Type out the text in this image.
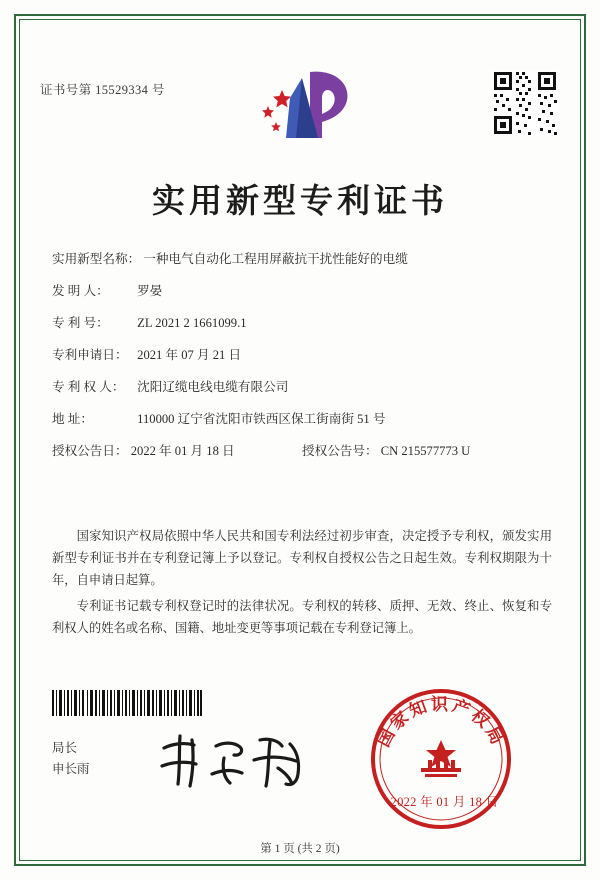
证书号第 15529334 号
实用新型专利证书
实用新型名称： 一种电气自动化工程用屏蔽抗干扰性能好的电缆
发 明 人： 罗晏
专 利 号： ZL 2021 2 1661099.1
专利申请日： 2021 年 07 月 21 日
专 利 权 人： 沈阳辽缆电线电缆有限公司
地 址：	110000 辽宁省沈阳市铁西区保工街南街 51 号
授权公告日： 2022 年 01 月 18 日	授权公告号： CN 215577773 U

国家知识产权局依照中华人民共和国专利法经过初步审查，决定授予专利权，颁发实用新型专利证书并在专利登记簿上予以登记。专利权自授权公告之日起生效。专利权期限为十年，自申请日起算。

专利证书记载专利权登记时的法律状况。专利权的转移、质押、无效、终止、恢复和专利权人的姓名或名称、国籍、地址变更等事项记载在专利登记簿上。

局长
申长雨
国家知识产权局
2022 年 01 月 18 日
第 1 页 (共 2 页)
